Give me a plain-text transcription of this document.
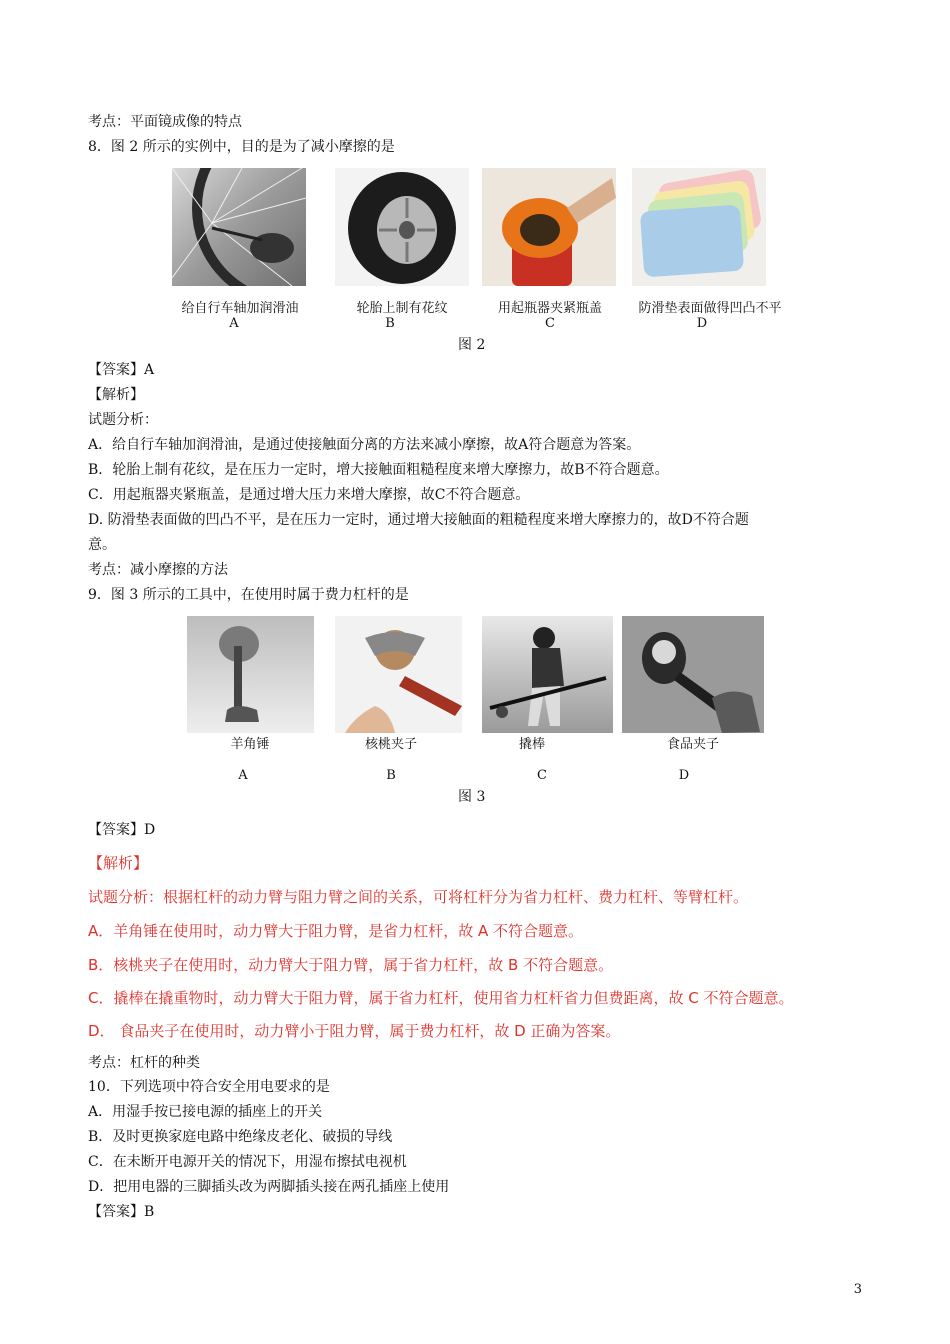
考点：平面镜成像的特点
8．图 2 所示的实例中，目的是为了减小摩擦的是
给自行车轴加润滑油	轮胎上制有花纹	用起瓶器夹紧瓶盖	防滑垫表面做得凹凸不平
A	B	C	D
图 2
【答案】A
【解析】
试题分析：
A．给自行车轴加润滑油，是通过使接触面分离的方法来减小摩擦，故A符合题意为答案。
B．轮胎上制有花纹，是在压力一定时，增大接触面粗糙程度来增大摩擦力，故B不符合题意。
C．用起瓶器夹紧瓶盖，是通过增大压力来增大摩擦，故C不符合题意。
D. 防滑垫表面做的凹凸不平，是在压力一定时，通过增大接触面的粗糙程度来增大摩擦力的，故D不符合题
意。
考点：减小摩擦的方法
9．图 3 所示的工具中，在使用时属于费力杠杆的是
羊角锤	核桃夹子	撬棒	食品夹子
A	B	C	D
图 3
【答案】D
【解析】
试题分析：根据杠杆的动力臂与阻力臂之间的关系，可将杠杆分为省力杠杆、费力杠杆、等臂杠杆。
A．羊角锤在使用时，动力臂大于阻力臂，是省力杠杆，故 A 不符合题意。
B．核桃夹子在使用时，动力臂大于阻力臂，属于省力杠杆，故 B 不符合题意。
C．撬棒在撬重物时，动力臂大于阻力臂，属于省力杠杆，使用省力杠杆省力但费距离，故 C 不符合题意。
D． 食品夹子在使用时，动力臂小于阻力臂，属于费力杠杆，故 D 正确为答案。
考点：杠杆的种类
10．下列选项中符合安全用电要求的是
A．用湿手按已接电源的插座上的开关
B．及时更换家庭电路中绝缘皮老化、破损的导线
C．在未断开电源开关的情况下，用湿布擦拭电视机
D．把用电器的三脚插头改为两脚插头接在两孔插座上使用
【答案】B
3
